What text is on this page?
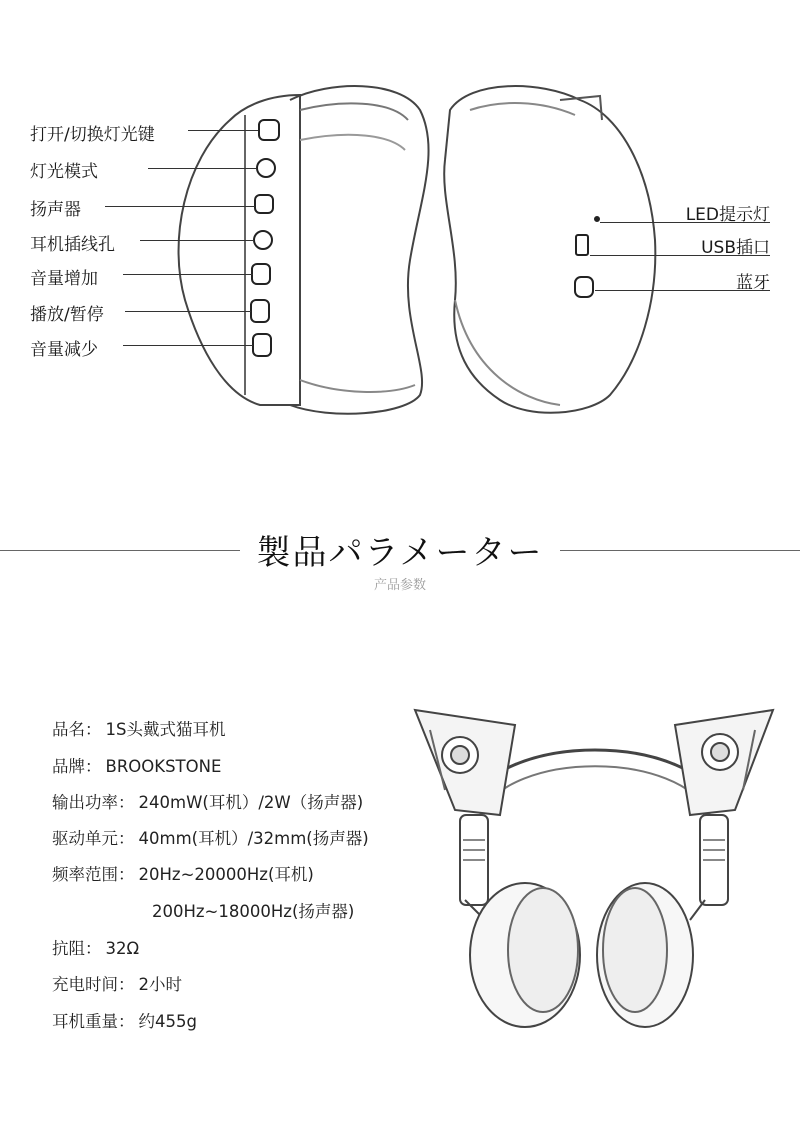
打开/切换灯光键
灯光模式
扬声器
耳机插线孔
音量增加
播放/暂停
音量减少
LED提示灯
USB插口
蓝牙
製品パラメーター
产品参数
品名： 1S头戴式猫耳机
品牌： BROOKSTONE
输出功率： 240mW(耳机）/2W（扬声器)
驱动单元： 40mm(耳机）/32mm(扬声器)
频率范围： 20Hz~20000Hz(耳机)
200Hz~18000Hz(扬声器)
抗阻： 32Ω
充电时间： 2小时
耳机重量： 约455g
